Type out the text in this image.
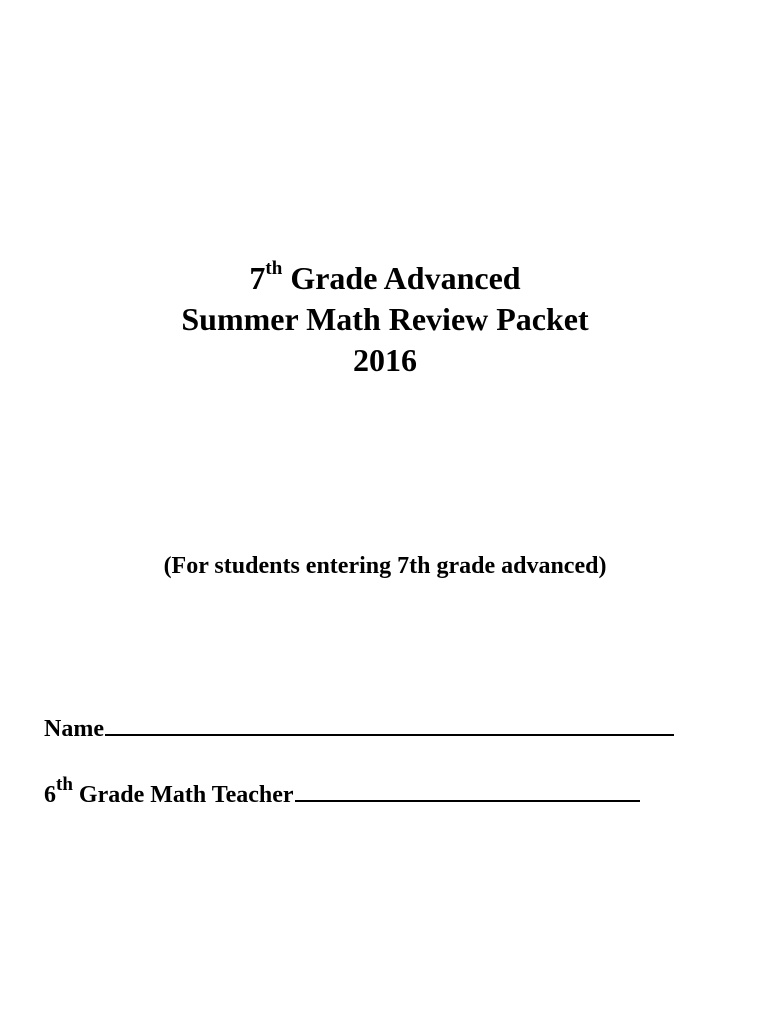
7th Grade Advanced
Summer Math Review Packet
2016
(For students entering 7th grade advanced)
Name
6th Grade Math Teacher
